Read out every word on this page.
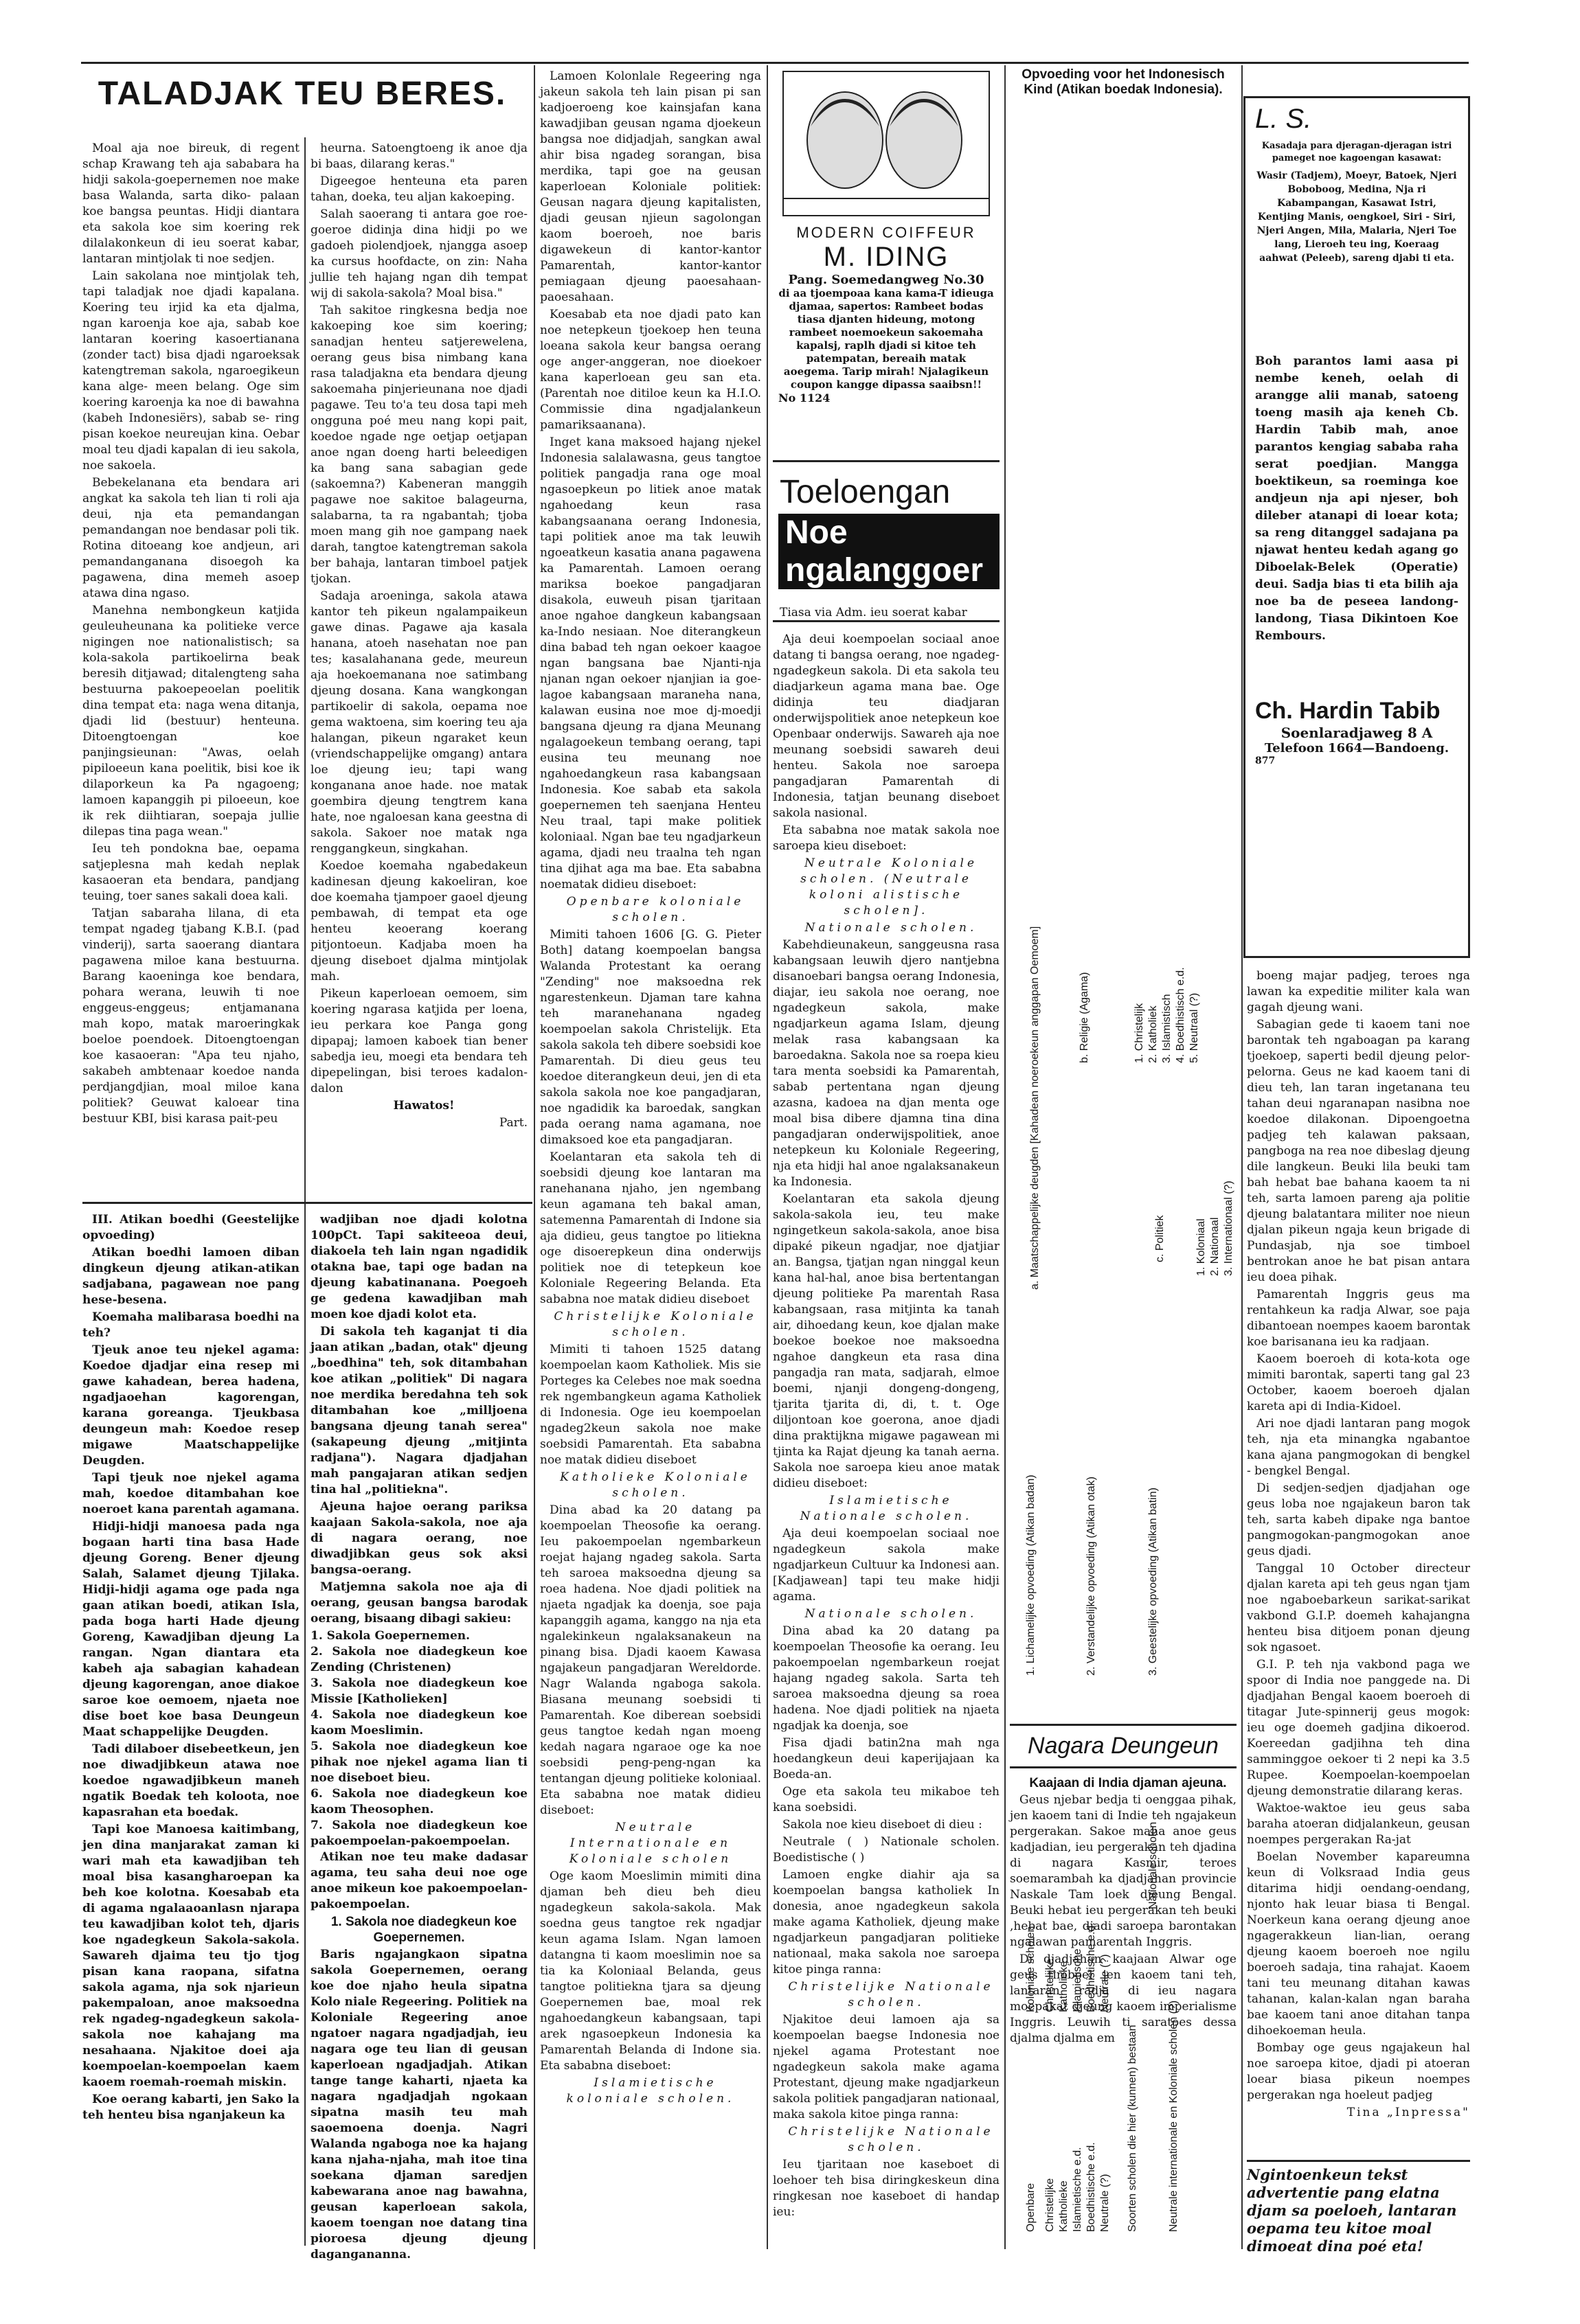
TALADJAK TEU BERES.

Moal aja noe bireuk, di regent schap Krawang teh aja sababara ha hidji sakola-goepernemen noe make basa Walanda, sarta diko- palaan koe bangsa peuntas. Hidji diantara eta sakola koe sim koering rek dilalakonkeun di ieu soerat kabar, lantaran mintjolak ti noe sedjen.

Lain sakolana noe mintjolak teh, tapi taladjak noe djadi kapalana. Koering teu irjid ka eta djalma, ngan karoenja koe aja, sabab koe lantaran koering kasoertianana (zonder tact) bisa djadi ngaroeksak katengtreman sakola, ngaroegikeun kana alge- meen belang. Oge sim koering karoenja ka noe di bawahna (kabeh Indonesiërs), sabab se- ring pisan koekoe neureujan kina. Oebar moal teu djadi kapalan di ieu sakola, noe sakoela.

Bebekelanana eta bendara ari angkat ka sakola teh lian ti roli aja deui, nja eta pemandangan pemandangan noe bendasar poli tik. Rotina ditoeang koe andjeun, ari pemandanganana disoegoh ka pagawena, dina memeh asoep atawa dina ngaso.

Manehna nembongkeun katjida geuleuheunana ka politieke verce nigingen noe nationalistisch; sa kola-sakola partikoelirna beak beresih ditjawad; ditalengteng saha bestuurna pakoepeoelan poelitik dina tempat eta: naga wena ditanja, djadi lid (bestuur) henteuna. Ditoengtoengan koe panjingsieunan: "Awas, oelah pipiloeeun kana poelitik, bisi koe ik dilaporkeun ka Pa ngagoeng; lamoen kapanggih pi piloeeun, koe ik rek diihtiaran, soepaja jullie dilepas tina paga wean."

Ieu teh pondokna bae, oepama satjeplesna mah kedah neplak kasaoeran eta bendara, pandjang teuing, toer sanes sakali doea kali.

Tatjan sabaraha lilana, di eta tempat ngadeg tjabang K.B.I. (pad vinderij), sarta saoerang diantara pagawena miloe kana bestuurna. Barang kaoeninga koe bendara, pohara werana, leuwih ti noe enggeus-enggeus; entjamanana mah kopo, matak maroeringkak boeloe poendoek. Ditoengtoengan koe kasaoeran: "Apa teu njaho, sakabeh ambtenaar koedoe nanda perdjangdjian, moal miloe kana politiek? Geuwat kaloear tina bestuur KBI, bisi karasa pait-peu

heurna. Satoengtoeng ik anoe dja bi baas, dilarang keras."

Digeegoe henteuna eta paren tahan, doeka, teu aljan kakoeping.

Salah saoerang ti antara goe roe-goeroe didinja dina hidji po we gadoeh piolendjoek, njangga asoep ka cursus hoofdacte, on zin: Naha jullie teh hajang ngan dih tempat wij di sakola-sakola? Moal bisa."

Tah sakitoe ringkesna bedja noe kakoeping koe sim koering; sanadjan henteu satjerewelena, oerang geus bisa nimbang kana rasa taladjakna eta bendara djeung sakoemaha pinjerieunana noe djadi pagawe. Teu to'a teu dosa tapi meh ongguna poé meu nang kopi pait, koedoe ngade nge oetjap oetjapan anoe ngan doeng harti beleedigen ka bang sana sabagian gede (sakoemna?) Kabeneran manggih pagawe noe sakitoe balageurna, salabarna, ta ra ngabantah; tjoba moen mang gih noe gampang naek darah, tangtoe katengtreman sakola ber bahaja, lantaran timboel patjek tjokan.

Sadaja aroeninga, sakola atawa kantor teh pikeun ngalampaikeun gawe dinas. Pagawe aja kasala hanana, atoeh nasehatan noe pan tes; kasalahanana gede, meureun aja hoekoemanana noe satimbang djeung dosana. Kana wangkongan partikoelir di sakola, oepama noe gema waktoena, sim koering teu aja halangan, pikeun ngaraket keun (vriendschappelijke omgang) antara loe djeung ieu; tapi wang konganana anoe hade. noe matak goembira djeung tengtrem kana hate, noe ngaloesan kana geestna di sakola. Sakoer noe matak nga renggangkeun, singkahan.

Koedoe koemaha ngabedakeun kadinesan djeung kakoeliran, koe doe koemaha tjampoer gaoel djeung pembawah, di tempat eta oge henteu keoerang koerang pitjontoeun. Kadjaba moen ha djeung diseboet djalma mintjolak mah.

Pikeun kaperloean oemoem, sim koering ngarasa katjida per loena, ieu perkara koe Panga gong dipapaj; lamoen kaboek tian bener sabedja ieu, moegi eta bendara teh dipepelingan, bisi teroes kadalon-dalon

Hawatos!

Part.

Lamoen Kolonlale Regeering nga jakeun sakola teh lain pisan pi san kadjoeroeng koe kainsjafan kana kawadjiban geusan ngama djoekeun bangsa noe didjadjah, sangkan awal ahir bisa ngadeg sorangan, bisa merdika, tapi goe na geusan kaperloean Koloniale politiek: Geusan nagara djeung kapitalisten, djadi geusan njieun sagolongan kaom boeroeh, noe baris digawekeun di kantor-kantor Pamarentah, kantor-kantor pemiagaan djeung paoesahaan-paoesahaan.

Koesabab eta noe djadi pato kan noe netepkeun tjoekoep hen teuna loeana sakola keur bangsa oerang oge anger-anggeran, noe dioekoer kana kaperloean geu san eta. (Parentah noe ditiloe keun ka H.I.O. Commissie dina ngadjalankeun pamariksaanana).

Inget kana maksoed hajang njekel Indonesia salalawasna, geus tangtoe politiek pangadja rana oge moal ngasoepkeun po litiek anoe matak ngahoedang keun rasa kabangsaanana oerang Indonesia, tapi politiek anoe ma tak leuwih ngoeatkeun kasatia anana pagawena ka Pamarentah. Lamoen oerang mariksa boekoe pangadjaran disakola, euweuh pisan tjaritaan anoe ngahoe dangkeun kabangsaan ka-Indo nesiaan. Noe diterangkeun dina babad teh ngan oekoer kaagoe ngan bangsana bae Njanti-nja njanan ngan oekoer njanjian ia goe-lagoe kabangsaan maraneha nana, kalawan eusina noe moe dj-moedji bangsana djeung ra djana Meunang ngalagoekeun tembang oerang, tapi eusina teu meunang noe ngahoedangkeun rasa kabangsaan Indonesia. Koe sabab eta sakola goepernemen teh saenjana Henteu Neu traal, tapi make politiek koloniaal. Ngan bae teu ngadjarkeun agama, djadi neu traalna teh ngan tina djihat aga ma bae. Eta sababna noematak didieu diseboet:

Openbare koloniale scholen.

Mimiti tahoen 1606 [G. G. Pieter Both] datang koempoelan bangsa Walanda Protestant ka oerang "Zending" noe maksoedna rek ngarestenkeun. Djaman tare kahna teh maranehanana ngadeg koempoelan sakola Christelijk. Eta sakola sakola teh dibere soebsidi koe Pamarentah. Di dieu geus teu koedoe diterangkeun deui, jen di eta sakola sakola noe koe pangadjaran, noe ngadidik ka baroedak, sangkan pada oerang nama agamana, noe dimaksoed koe eta pangadjaran.

Koelantaran eta sakola teh di soebsidi djeung koe lantaran ma ranehanana njaho, jen ngembang keun agamana teh bakal aman, satemenna Pamarentah di Indone sia aja didieu, geus tangtoe po litiekna oge disoerepkeun dina onderwijs politiek noe di tetepkeun koe Koloniale Regeering Belanda. Eta sababna noe matak didieu diseboet

Christelijke Koloniale scholen.

Mimiti ti tahoen 1525 datang koempoelan kaom Katholiek. Mis sie Porteges ka Celebes noe mak soedna rek ngembangkeun agama Katholiek di Indonesia. Oge ieu koempoelan ngadeg2keun sakola noe make soebsidi Pamarentah. Eta sababna noe matak didieu diseboet

Katholieke Koloniale scholen.

Dina abad ka 20 datang pa koempoelan Theosofie ka oerang. Ieu pakoempoelan ngembarkeun roejat hajang ngadeg sakola. Sarta teh saroea maksoedna djeung sa roea hadena. Noe djadi politiek na njaeta ngadjak ka doenja, soe paja kapanggih agama, kanggo na nja eta ngalekinkeun ngalaksanakeun na pinang bisa. Djadi kaoem Kawasa ngajakeun pangadjaran Wereldorde. Nagr Walanda ngaboga sakola. Biasana meunang soebsidi ti Pamarentah. Koe diberean soebsidi geus tangtoe kedah ngan moeng kedah nagara ngaraoe oge ka noe soebsidi peng-peng-ngan ka tentangan djeung politieke koloniaal. Eta sababna noe matak didieu diseboet:

Neutrale Internationale en Koloniale scholen

Oge kaom Moeslimin mimiti dina djaman beh dieu beh dieu ngadegkeun sakola-sakola. Mak soedna geus tangtoe rek ngadjar keun agama Islam. Ngan lamoen datangna ti kaom moeslimin noe sa tia ka Koloniaal Belanda, geus tangtoe politiekna tjara sa djeung Goepernemen bae, moal rek ngahoedangkeun kabangsaan, tapi arek ngasoepkeun Indonesia ka Pamarentah Belanda di Indone sia. Eta sababna diseboet:

Islamietische koloniale scholen.

MODERN COIFFEUR
M. IDING
Pang. Soemedangweg No.30
di aa tjoempoaa kana kama-T idieuga djamaa, sapertos: Rambeet bodas tiasa djanten hideung, motong rambeet noemoekeun sakoemaha kapalsj, raplh djadi si kitoe teh patempatan, bereaih matak aoegema. Tarip mirah! Njalagikeun coupon kangge dipassa saaibsn!!
No 1124
Toeloengan
Noe ngalanggoer
Tiasa via Adm. ieu soerat kabar

Aja deui koempoelan sociaal anoe datang ti bangsa oerang, noe ngadeg-ngadegkeun sakola. Di eta sakola teu diadjarkeun agama mana bae. Oge didinja teu diadjaran onderwijspolitiek anoe netepkeun koe Openbaar onderwijs. Sawareh aja noe meunang soebsidi sawareh deui henteu. Sakola noe saroepa pangadjaran Pamarentah di Indonesia, tatjan beunang diseboet sakola nasional.

Eta sababna noe matak sakola noe saroepa kieu diseboet:

Neutrale Koloniale scholen. (Neutrale koloni alistische scholen].

Nationale scholen.

Kabehdieunakeun, sanggeusna rasa kabangsaan leuwih djero nantjebna disanoebari bangsa oerang Indonesia, diajar, ieu sakola noe oerang, noe ngadegkeun sakola, make ngadjarkeun agama Islam, djeung melak rasa kabangsaan ka baroedakna. Sakola noe sa roepa kieu tara menta soebsidi ka Pamarentah, sabab pertentana ngan djeung azasna, kadoea na djan menta oge moal bisa dibere djamna tina dina pangadjaran onderwijspolitiek, anoe netepkeun ku Koloniale Regeering, nja eta hidji hal anoe ngalaksanakeun ka Indonesia.

Koelantaran eta sakola djeung sakola-sakola ieu, teu make ngingetkeun sakola-sakola, anoe bisa dipaké pikeun ngadjar, noe djatjiar an. Bangsa, tjatjan ngan ninggal keun kana hal-hal, anoe bisa bertentangan djeung politieke Pa marentah Rasa kabangsaan, rasa mitjinta ka tanah air, dihoedang keun, koe djalan make boekoe boekoe noe maksoedna ngahoe dangkeun eta rasa dina pangadja ran mata, sadjarah, elmoe boemi, njanji dongeng-dongeng, tjarita tjarita di, di, t. t. Oge diljontoan koe goerona, anoe djadi dina praktijkna migawe pagawean mi tjinta ka Rajat djeung ka tanah aerna. Sakola noe saroepa kieu anoe matak didieu diseboet:

Islamietische Nationale scholen.

Aja deui koempoelan sociaal noe ngadegkeun sakola make ngadjarkeun Cultuur ka Indonesi aan. [Kadjawean] tapi teu make hidji agama.

Nationale scholen.

Dina abad ka 20 datang pa koempoelan Theosofie ka oerang. Ieu pakoempoelan ngembarkeun roejat hajang ngadeg sakola. Sarta teh saroea maksoedna djeung sa roea hadena. Noe djadi politiek na njaeta ngadjak ka doenja, soe

Fisa djadi batin2na mah nga hoedangkeun deui kaperijajaan ka Boeda-an.

Oge eta sakola teu mikaboe teh kana soebsidi.

Sakola noe kieu diseboet di dieu :

Neutrale ( ) Nationale scholen. Boedistische ( )

Lamoen engke diahir aja sa koempoelan bangsa katholiek In donesia, anoe ngadegkeun sakola make agama Katholiek, djeung make ngadjarkeun pangadjaran politieke nationaal, maka sakola noe saroepa kitoe pinga ranna:

Christelijke Nationale scholen.

Njakitoe deui lamoen aja sa koempoelan baegse Indonesia noe njekel agama Protestant noe ngadegkeun sakola make agama Protestant, djeung make ngadjarkeun sakola politiek pangadjaran nationaal, maka sakola kitoe pinga ranna:

Christelijke Nationale scholen.

Ieu tjaritaan noe kaseboet di loehoer teh bisa diringkeskeun dina ringkesan noe kaseboet di handap ieu:

Opvoeding voor het Indonesisch Kind (Atikan boedak Indonesia).
a. Maatschappelijke deugden [Kahadean noeroekeun anggapan Oemoem]	b. Religie (Agama)
c. Politiek
1. Christelijk 2. Katholiek 3. Islamistisch 4. Boedhistisch e.d. 5. Neutraal (?)
1. Koloniaal 2. Nationaal 3. Internationaal (?)
L. S.
Kasadaja para djeragan-djeragan istri pameget noe kagoengan kasawat:
Wasir (Tadjem), Moeyr, Batoek, Njeri Boboboog, Medina, Nja ri Kabampangan, Kasawat Istri, Kentjing Manis, oengkoel, Siri - Siri, Njeri Angen, Mila, Malaria, Njeri Toe lang, Lieroeh teu ing, Koeraag aahwat (Peleeb), sareng djabi ti eta.
Boh parantos lami aasa pi nembe keneh, oelah di arangge alii manab, satoeng toeng masih aja keneh Cb. Hardin Tabib mah, anoe parantos kengiag sababa raha serat poedjian. Mangga boektikeun, sa roeminga koe andjeun nja api njeser, boh dileber atanapi di loear kota; sa reng ditanggel sadajana pa njawat henteu kedah agang go Diboelak-Belek (Operatie) deui. Sadja bias ti eta bilih aja noe ba de peseea landong-landong, Tiasa Dikintoen Koe Rembours.
Ch. Hardin Tabib
Soenlaradjaweg 8 A
Telefoon 1664—Bandoeng.
877

boeng majar padjeg, teroes nga lawan ka expeditie militer kala wan gagah djeung wani.

Sabagian gede ti kaoem tani noe barontak teh ngaboagan pa karang tjoekoep, saperti bedil djeung pelor-pelorna. Geus ne kad kaoem tani di dieu teh, lan taran ingetanana teu tahan deui ngaranapan nasibna noe koedoe dilakonan. Dipoengoetna padjeg teh kalawan paksaan, pangboga na rea noe dibeslag djeung dile langkeun. Beuki lila beuki tam bah hebat bae bahana kaoem ta ni teh, sarta lamoen pareng aja politie djeung balatantara militer noe nieun djalan pikeun ngaja keun brigade di Pundasjab, nja soe timboel bentrokan anoe he bat pisan antara ieu doea pihak.

Pamarentah Inggris geus ma rentahkeun ka radja Alwar, soe paja dibantoean noempes kaoem barontak koe barisanana ieu ka radjaan.

Kaoem boeroeh di kota-kota oge mimiti barontak, saperti tang gal 23 October, kaoem boeroeh djalan kareta api di India-Kidoel.

Ari noe djadi lantaran pang mogok teh, nja eta minangka ngabantoe kana ajana pangmogokan di bengkel - bengkel Bengal.

Di sedjen-sedjen djadjahan oge geus loba noe ngajakeun baron tak teh, sarta kabeh dipake nga bantoe pangmogokan-pangmogokan anoe geus djadi.

Tanggal 10 October directeur djalan kareta api teh geus ngan tjam noe ngaboebarkeun sarikat-sarikat vakbond G.I.P. doemeh kahajangna henteu bisa ditjoem ponan djeung sok ngasoet.

G.I. P. teh nja vakbond paga we spoor di India noe panggede na. Di djadjahan Bengal kaoem boeroeh di titagar Jute-spinnerij geus mogok: ieu oge doemeh gadjina dikoerod. Koereedan gadjihna teh dina samminggoe oekoer ti 2 nepi ka 3.5 Rupee. Koempoelan-koempoelan djeung demonstratie dilarang keras.

Waktoe-waktoe ieu geus saba baraha atoeran didjalankeun, geusan noempes pergerakan Ra-jat

Boelan November kapareumna keun di Volksraad India geus ditarima hidji oendang-oendang, njonto hak leuar biasa ti Bengal. Noerkeun kana oerang djeung anoe ngagerakkeun lian-lian, oerang djeung kaoem boeroeh noe ngilu boeroeh sadaja, tina rahajat. Kaoem tani teu meunang ditahan kawas tahanan, kalan-kalan ngan baraha bae kaoem tani anoe ditahan tanpa dihoekoeman heula.

Bombay oge geus ngajakeun hal noe saroepa kitoe, djadi pi atoeran loear biasa pikeun noempes pergerakan nga hoeleut padjeg

Tina „Inpressa"

Ngintoenkeun tekst advertentie pang elatna djam sa poeloeh, lantaran oepama teu kitoe moal dimoeat dina poé eta!

III. Atikan boedhi (Geestelijke opvoeding)

Atikan boedhi lamoen diban dingkeun djeung atikan-atikan sadjabana, pagawean noe pang hese-besena.

Koemaha malibarasa boedhi na teh?

Tjeuk anoe teu njekel agama: Koedoe djadjar eina resep mi gawe kahadean, berea hadena, ngadjaoehan kagorengan, karana goreanga. Tjeukbasa deungeun mah: Koedoe resep migawe Maatschappelijke Deugden.

Tapi tjeuk noe njekel agama mah, koedoe ditambahan koe noeroet kana parentah agamana.

Hidji-hidji manoesa pada nga bogaan harti tina basa Hade djeung Goreng. Bener djeung Salah, Salamet djeung Tjilaka. Hidji-hidji agama oge pada nga gaan atikan boedi, atikan Isla, pada boga harti Hade djeung Goreng, Kawadjiban djeung La rangan. Ngan diantara eta kabeh aja sabagian kahadean djeung kagorengan, anoe diakoe saroe koe oemoem, njaeta noe dise boet koe basa Deungeun Maat schappelijke Deugden.

Tadi dilaboer disebeetkeun, jen noe diwadjibkeun atawa noe koedoe ngawadjibkeun maneh ngatik Boedak teh koloota, noe kapasrahan eta boedak.

Tapi koe Manoesa kaitimbang, jen dina manjarakat zaman ki wari mah eta kawadjiban teh moal bisa kasangharoepan ka beh koe kolotna. Koesabab eta di agama ngalaaoanlasn njarapa teu kawadjiban kolot teh, djaris koe ngadegkeun Sakola-sakola. Sawareh djaima teu tjo tjog pisan kana raopana, sifatna sakola agama, nja sok njarieun pakempaloan, anoe maksoedna rek ngadeg-ngadegkeun sakola-sakola noe kahajang ma nesahaana. Njakitoe doei aja koempoelan-koempoelan kaem kaoem roemah-roemah miskin.

Koe oerang kabarti, jen Sako la teh henteu bisa nganjakeun ka

wadjiban noe djadi kolotna 100pCt. Tapi sakiteeoa deui, diakoela teh lain ngan ngadidik otakna bae, tapi oge badan na djeung kabatinanana. Poegoeh ge gedena kawadjiban mah moen koe djadi kolot eta.

Di sakola teh kaganjat ti dia jaan atikan „badan, otak" djeung „boedhina" teh, sok ditambahan koe atikan „politiek" Di nagara noe merdika beredahna teh sok ditambahan koe „milljoena bangsana djeung tanah serea" (sakapeung djeung „mitjinta radjana"). Nagara djadjahan mah pangajaran atikan sedjen tina hal „politiekna".

Ajeuna hajoe oerang pariksa kaajaan Sakola-sakola, noe aja di nagara oerang, noe diwadjibkan geus sok aksi bangsa-oerang.

Matjemna sakola noe aja di oerang, geusan bangsa barodak oerang, bisaang dibagi sakieu:

1. Sakola Goepernemen.
2. Sakola noe diadegkeun koe Zending (Christenen)
3. Sakola noe diadegkeun koe Missie [Katholieken]
4. Sakola noe diadegkeun koe kaom Moeslimin.
5. Sakola noe diadegkeun koe pihak noe njekel agama lian ti noe diseboet bieu.
6. Sakola noe diadegkeun koe kaom Theosophen.
7. Sakola noe diadegkeun koe pakoempoelan-pakoempoelan.

Atikan noe teu make dadasar agama, teu saha deui noe oge anoe mikeun koe pakoempoelan-pakoempoelan.

1. Sakola noe diadegkeun koe Goepernemen.

Baris ngajangkaon sipatna sakola Goepernemen, oerang koe doe njaho heula sipatna Kolo niale Regeering. Politiek na Koloniale Regeering anoe ngatoer nagara ngadjadjah, ieu nagara oge teu lian di geusan kaperloean ngadjadjah. Atikan tange tange kaharti, njaeta ka nagara ngadjadjah ngokaan sipatna masih teu mah saoemoena doenja. Nagri Walanda ngaboga noe ka hajang kana njaha-njaha, mah itoe tina soekana djaman saredjen kabewarana anoe nag bawahna, geusan kaperloean sakola, kaoem toengan noe datang tina pioroesa djeung djeung dagangananna.

Openbare Christelijke Katholieke Islamietische e.d. Boedhistische e.d. Neutrale (?)
Koloniale scholen Christelijke Katholieke Islamietische Boedhistische e.d. Neutrale (?)
Soorten scholen die hier (kunnen) bestaan
Nationale scholen
Neutrale internationale en Koloniale scholen (?)
1. Lichamelijke opvoeding (Atikan badan)	2. Verstandelijke opvoeding (Atikan otak)	3. Geestelijke opvoeding (Atikan batin)
Nagara Deungeun

Kaajaan di India djaman ajeuna.

Geus njebar bedja ti oenggaa pihak, jen kaoem tani di Indie teh ngajakeun pergerakan. Sakoe maha anoe geus kadjadian, ieu pergerakan teh djadina di nagara Kasmir, teroes soemarambah ka djadjahan provincie Naskale Tam loek djeung Bengal. Beuki hebat ieu pergerakan teh beuki ,hebat bae, djadi saroepa barontakan ngalawan pamarentah Inggris.

Di djadjahan kaajaan Alwar oge geus timboel jen kaoem tani teh, lantaran radja di ieu nagara moepakat djeung kaoem imperialisme Inggris. Leuwih ti saratoes dessa djalma djalma em
